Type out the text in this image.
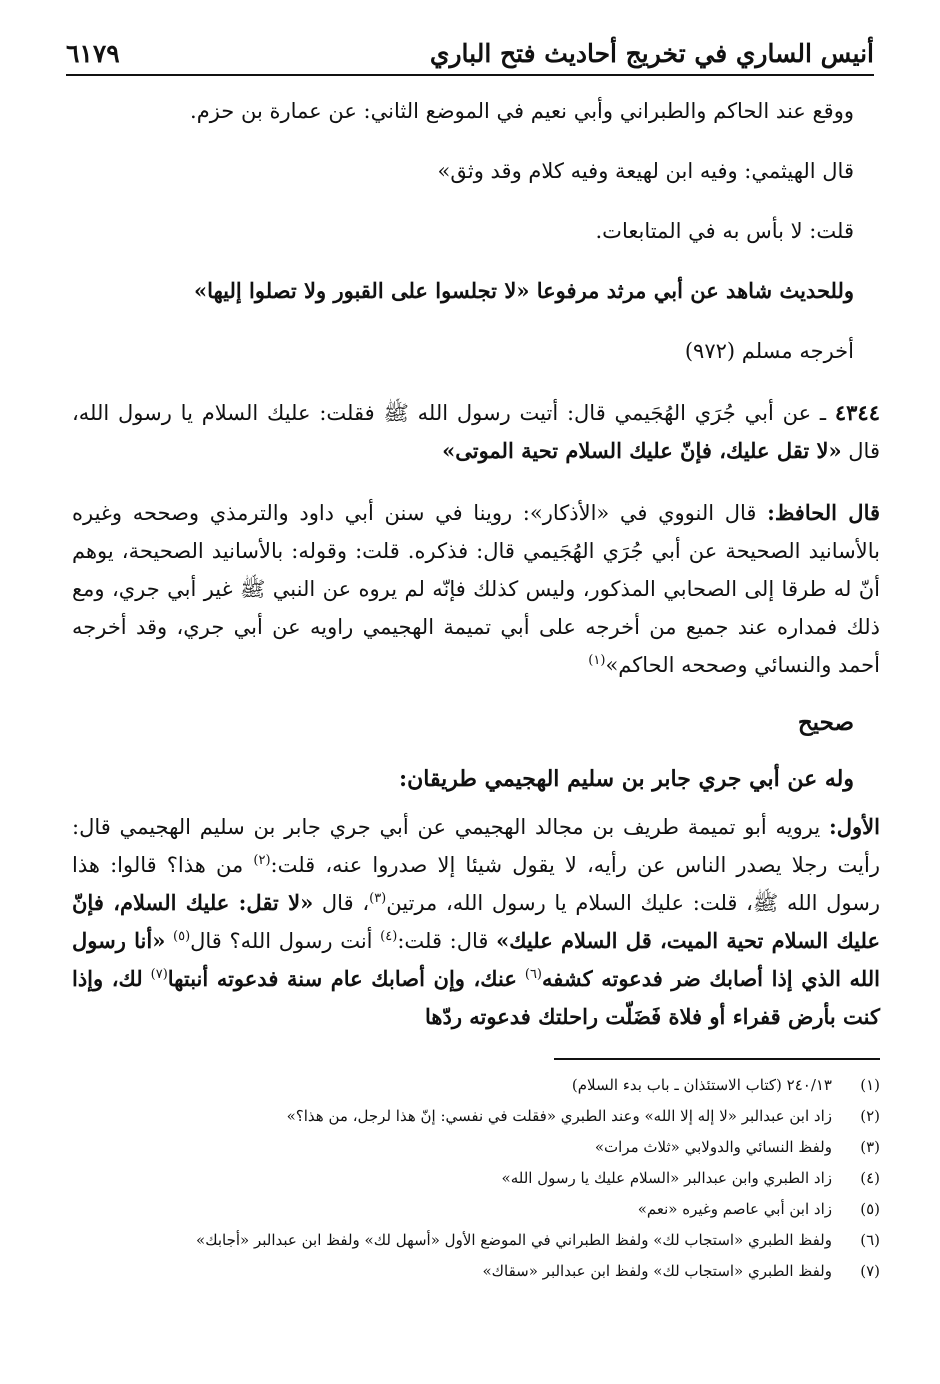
أنيس الساري في تخريج أحاديث فتح الباري
٦١٧٩

ووقع عند الحاكم والطبراني وأبي نعيم في الموضع الثاني: عن عمارة بن حزم.

قال الهيثمي: وفيه ابن لهيعة وفيه كلام وقد وثق»

قلت: لا بأس به في المتابعات.

وللحديث شاهد عن أبي مرثد مرفوعا «لا تجلسوا على القبور ولا تصلوا إليها»

أخرجه مسلم (٩٧٢)

٤٣٤٤ ـ عن أبي جُرَي الهُجَيمي قال: أتيت رسول الله ﷺ فقلت: عليك السلام يا رسول الله، قال «لا تقل عليك، فإنّ عليك السلام تحية الموتى»

قال الحافظ: قال النووي في «الأذكار»: روينا في سنن أبي داود والترمذي وصححه وغيره بالأسانيد الصحيحة عن أبي جُرَي الهُجَيمي قال: فذكره. قلت: وقوله: بالأسانيد الصحيحة، يوهم أنّ له طرقا إلى الصحابي المذكور، وليس كذلك فإنّه لم يروه عن النبي ﷺ غير أبي جري، ومع ذلك فمداره عند جميع من أخرجه على أبي تميمة الهجيمي راويه عن أبي جري، وقد أخرجه أحمد والنسائي وصححه الحاكم»$^{(١)}$

صحيح
وله عن أبي جري جابر بن سليم الهجيمي طريقان:

الأول: يرويه أبو تميمة طريف بن مجالد الهجيمي عن أبي جري جابر بن سليم الهجيمي قال: رأيت رجلا يصدر الناس عن رأيه، لا يقول شيئا إلا صدروا عنه، قلت:$^{(٢)}$ من هذا؟ قالوا: هذا رسول الله ﷺ، قلت: عليك السلام يا رسول الله، مرتين$^{(٣)}$، قال «لا تقل: عليك السلام، فإنّ عليك السلام تحية الميت، قل السلام عليك» قال: قلت:$^{(٤)}$ أنت رسول الله؟ قال$^{(٥)}$ «أنا رسول الله الذي إذا أصابك ضر فدعوته كشفه$^{(٦)}$ عنك، وإن أصابك عام سنة فدعوته أنبتها$^{(٧)}$ لك، وإذا كنت بأرض قفراء أو فلاة فَضَلّت راحلتك فدعوته ردّها

(١)
٢٤٠/١٣ (كتاب الاستئذان ـ باب بدء السلام)
(٢)
زاد ابن عبدالبر «لا إله إلا الله» وعند الطبري «فقلت في نفسي: إنّ هذا لرجل، من هذا؟»
(٣)
ولفظ النسائي والدولابي «ثلاث مرات»
(٤)
زاد الطبري وابن عبدالبر «السلام عليك يا رسول الله»
(٥)
زاد ابن أبي عاصم وغيره «نعم»
(٦)
ولفظ الطبري «استجاب لك» ولفظ الطبراني في الموضع الأول «أسهل لك» ولفظ ابن عبدالبر «أجابك»
(٧)
ولفظ الطبري «استجاب لك» ولفظ ابن عبدالبر «سقاك»
